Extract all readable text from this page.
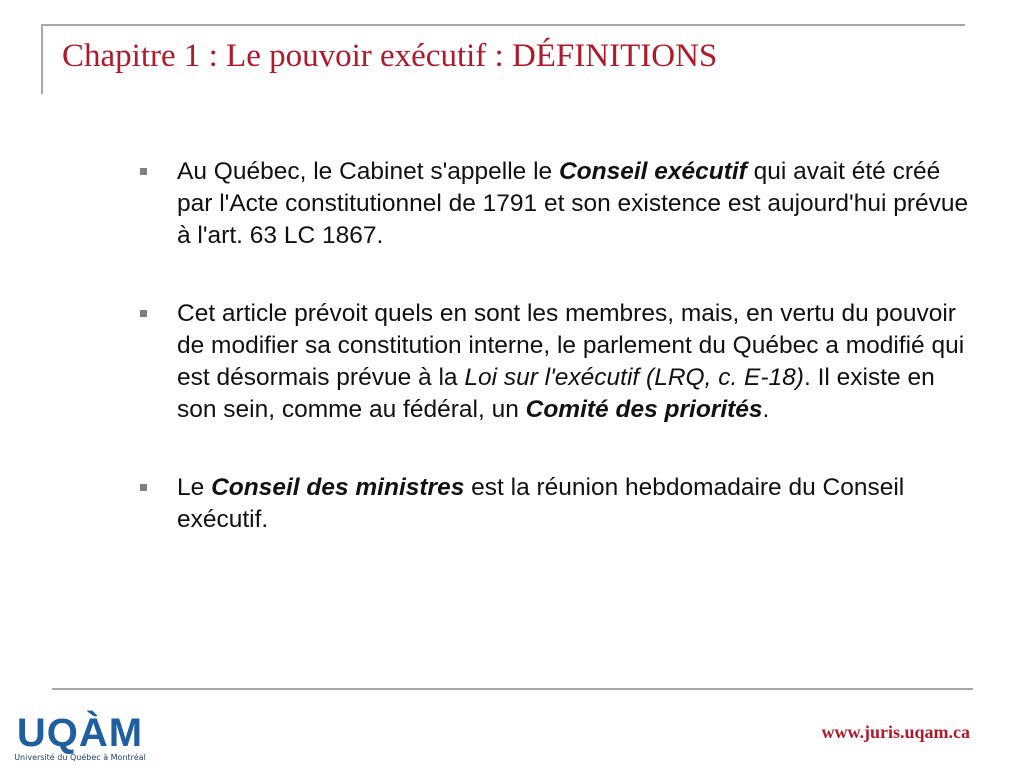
Chapitre 1 : Le pouvoir exécutif : DÉFINITIONS
Au Québec, le Cabinet s'appelle le Conseil exécutif qui avait été créé par l'Acte constitutionnel de 1791 et son existence est aujourd'hui prévue à l'art. 63 LC 1867.
Cet article prévoit quels en sont les membres, mais, en vertu du pouvoir de modifier sa constitution interne, le parlement du Québec a modifié qui est désormais prévue à la Loi sur l'exécutif (LRQ, c. E-18). Il existe en son sein, comme au fédéral, un Comité des priorités.
Le Conseil des ministres est la réunion hebdomadaire du Conseil exécutif.
UQÀM
Université du Québec à Montréal
www.juris.uqam.ca
